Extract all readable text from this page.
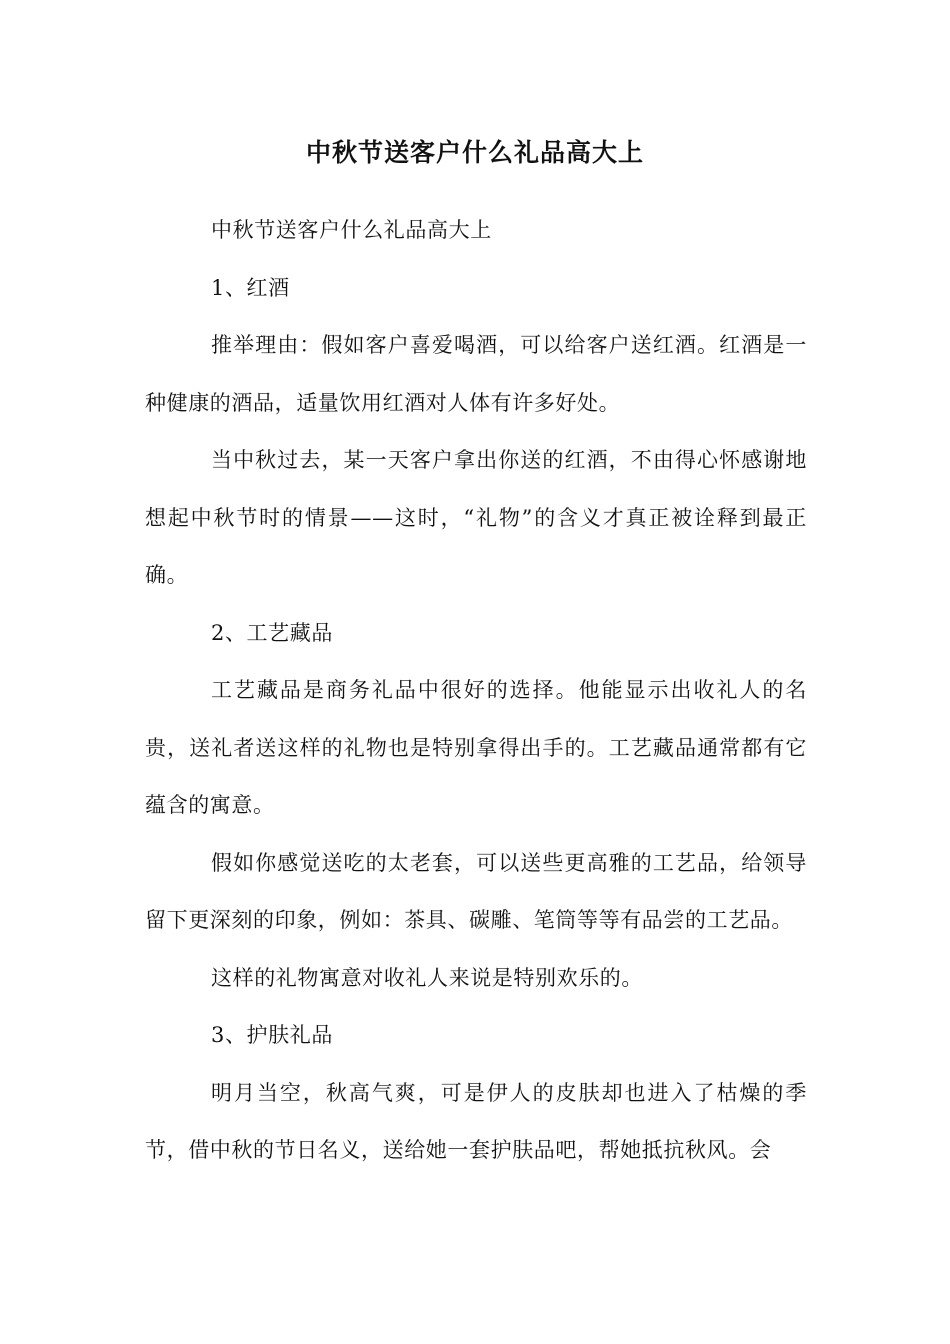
中秋节送客户什么礼品高大上

中秋节送客户什么礼品高大上

1、红酒

推举理由：假如客户喜爱喝酒，可以给客户送红酒。红酒是一种健康的酒品，适量饮用红酒对人体有许多好处。

当中秋过去，某一天客户拿出你送的红酒，不由得心怀感谢地想起中秋节时的情景——这时，“礼物”的含义才真正被诠释到最正确。

2、工艺藏品

工艺藏品是商务礼品中很好的选择。他能显示出收礼人的名贵，送礼者送这样的礼物也是特别拿得出手的。工艺藏品通常都有它蕴含的寓意。

假如你感觉送吃的太老套，可以送些更高雅的工艺品，给领导留下更深刻的印象，例如：茶具、碳雕、笔筒等等有品尝的工艺品。

这样的礼物寓意对收礼人来说是特别欢乐的。

3、护肤礼品

明月当空，秋高气爽，可是伊人的皮肤却也进入了枯燥的季节，借中秋的节日名义，送给她一套护肤品吧，帮她抵抗秋风。会
